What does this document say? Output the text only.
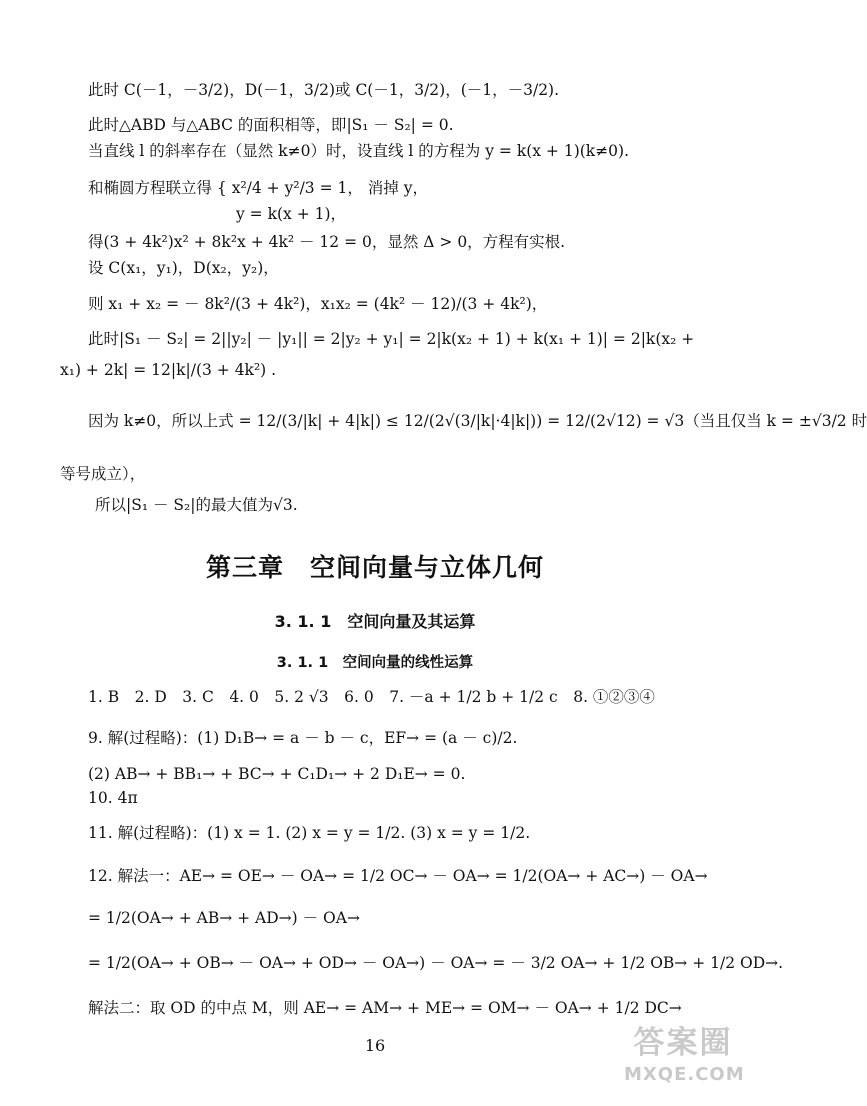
此时 C(－1，－3/2)，D(－1，3/2)或 C(－1，3/2)，(－1，－3/2).
此时△ABD 与△ABC 的面积相等，即|S₁ － S₂| = 0.
当直线 l 的斜率存在（显然 k≠0）时，设直线 l 的方程为 y = k(x + 1)(k≠0).
和椭圆方程联立得 { x²/4 + y²/3 = 1， 消掉 y，
y = k(x + 1)，
得(3 + 4k²)x² + 8k²x + 4k² － 12 = 0，显然 Δ > 0，方程有实根.
设 C(x₁，y₁)，D(x₂，y₂)，
则 x₁ + x₂ = － 8k²/(3 + 4k²)，x₁x₂ = (4k² － 12)/(3 + 4k²)，
此时|S₁ － S₂| = 2||y₂| － |y₁|| = 2|y₂ + y₁| = 2|k(x₂ + 1) + k(x₁ + 1)| = 2|k(x₂ +
x₁) + 2k| = 12|k|/(3 + 4k²) .
因为 k≠0，所以上式 = 12/(3/|k| + 4|k|) ≤ 12/(2√(3/|k|·4|k|)) = 12/(2√12) = √3（当且仅当 k = ±√3/2 时
等号成立），
所以|S₁ － S₂|的最大值为√3.
第三章　空间向量与立体几何
3. 1. 1　空间向量及其运算
3. 1. 1　空间向量的线性运算
1. B　2. D　3. C　4. 0　5. 2 √3　6. 0　7. －a + 1/2 b + 1/2 c　8. ①②③④
9. 解(过程略)：(1) D₁B→ = a － b － c，EF→ = (a － c)/2.
(2) AB→ + BB₁→ + BC→ + C₁D₁→ + 2 D₁E→ = 0.
10. 4π
11. 解(过程略)：(1) x = 1. (2) x = y = 1/2. (3) x = y = 1/2.
12. 解法一：AE→ = OE→ － OA→ = 1/2 OC→ － OA→ = 1/2(OA→ + AC→) － OA→
= 1/2(OA→ + AB→ + AD→) － OA→
= 1/2(OA→ + OB→ － OA→ + OD→ － OA→) － OA→ = － 3/2 OA→ + 1/2 OB→ + 1/2 OD→.
解法二：取 OD 的中点 M，则 AE→ = AM→ + ME→ = OM→ － OA→ + 1/2 DC→
16	答案圈
MXQE.COM
